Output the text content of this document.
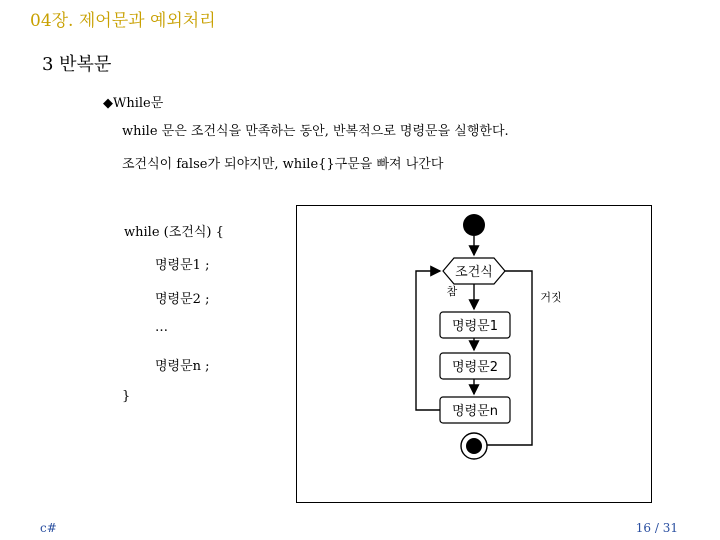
04장. 제어문과 예외처리
3 반복문
◆While문
while 문은 조건식을 만족하는 동안, 반복적으로 명령문을 실행한다.
조건식이 false가 되야지만, while{}구문을 빠져 나간다
while (조건식) {
명령문1 ;
명령문2 ;
…
명령문n ;
}
조건식
참
명령문1
명령문2
명령문n
거짓
c#	16 / 31
